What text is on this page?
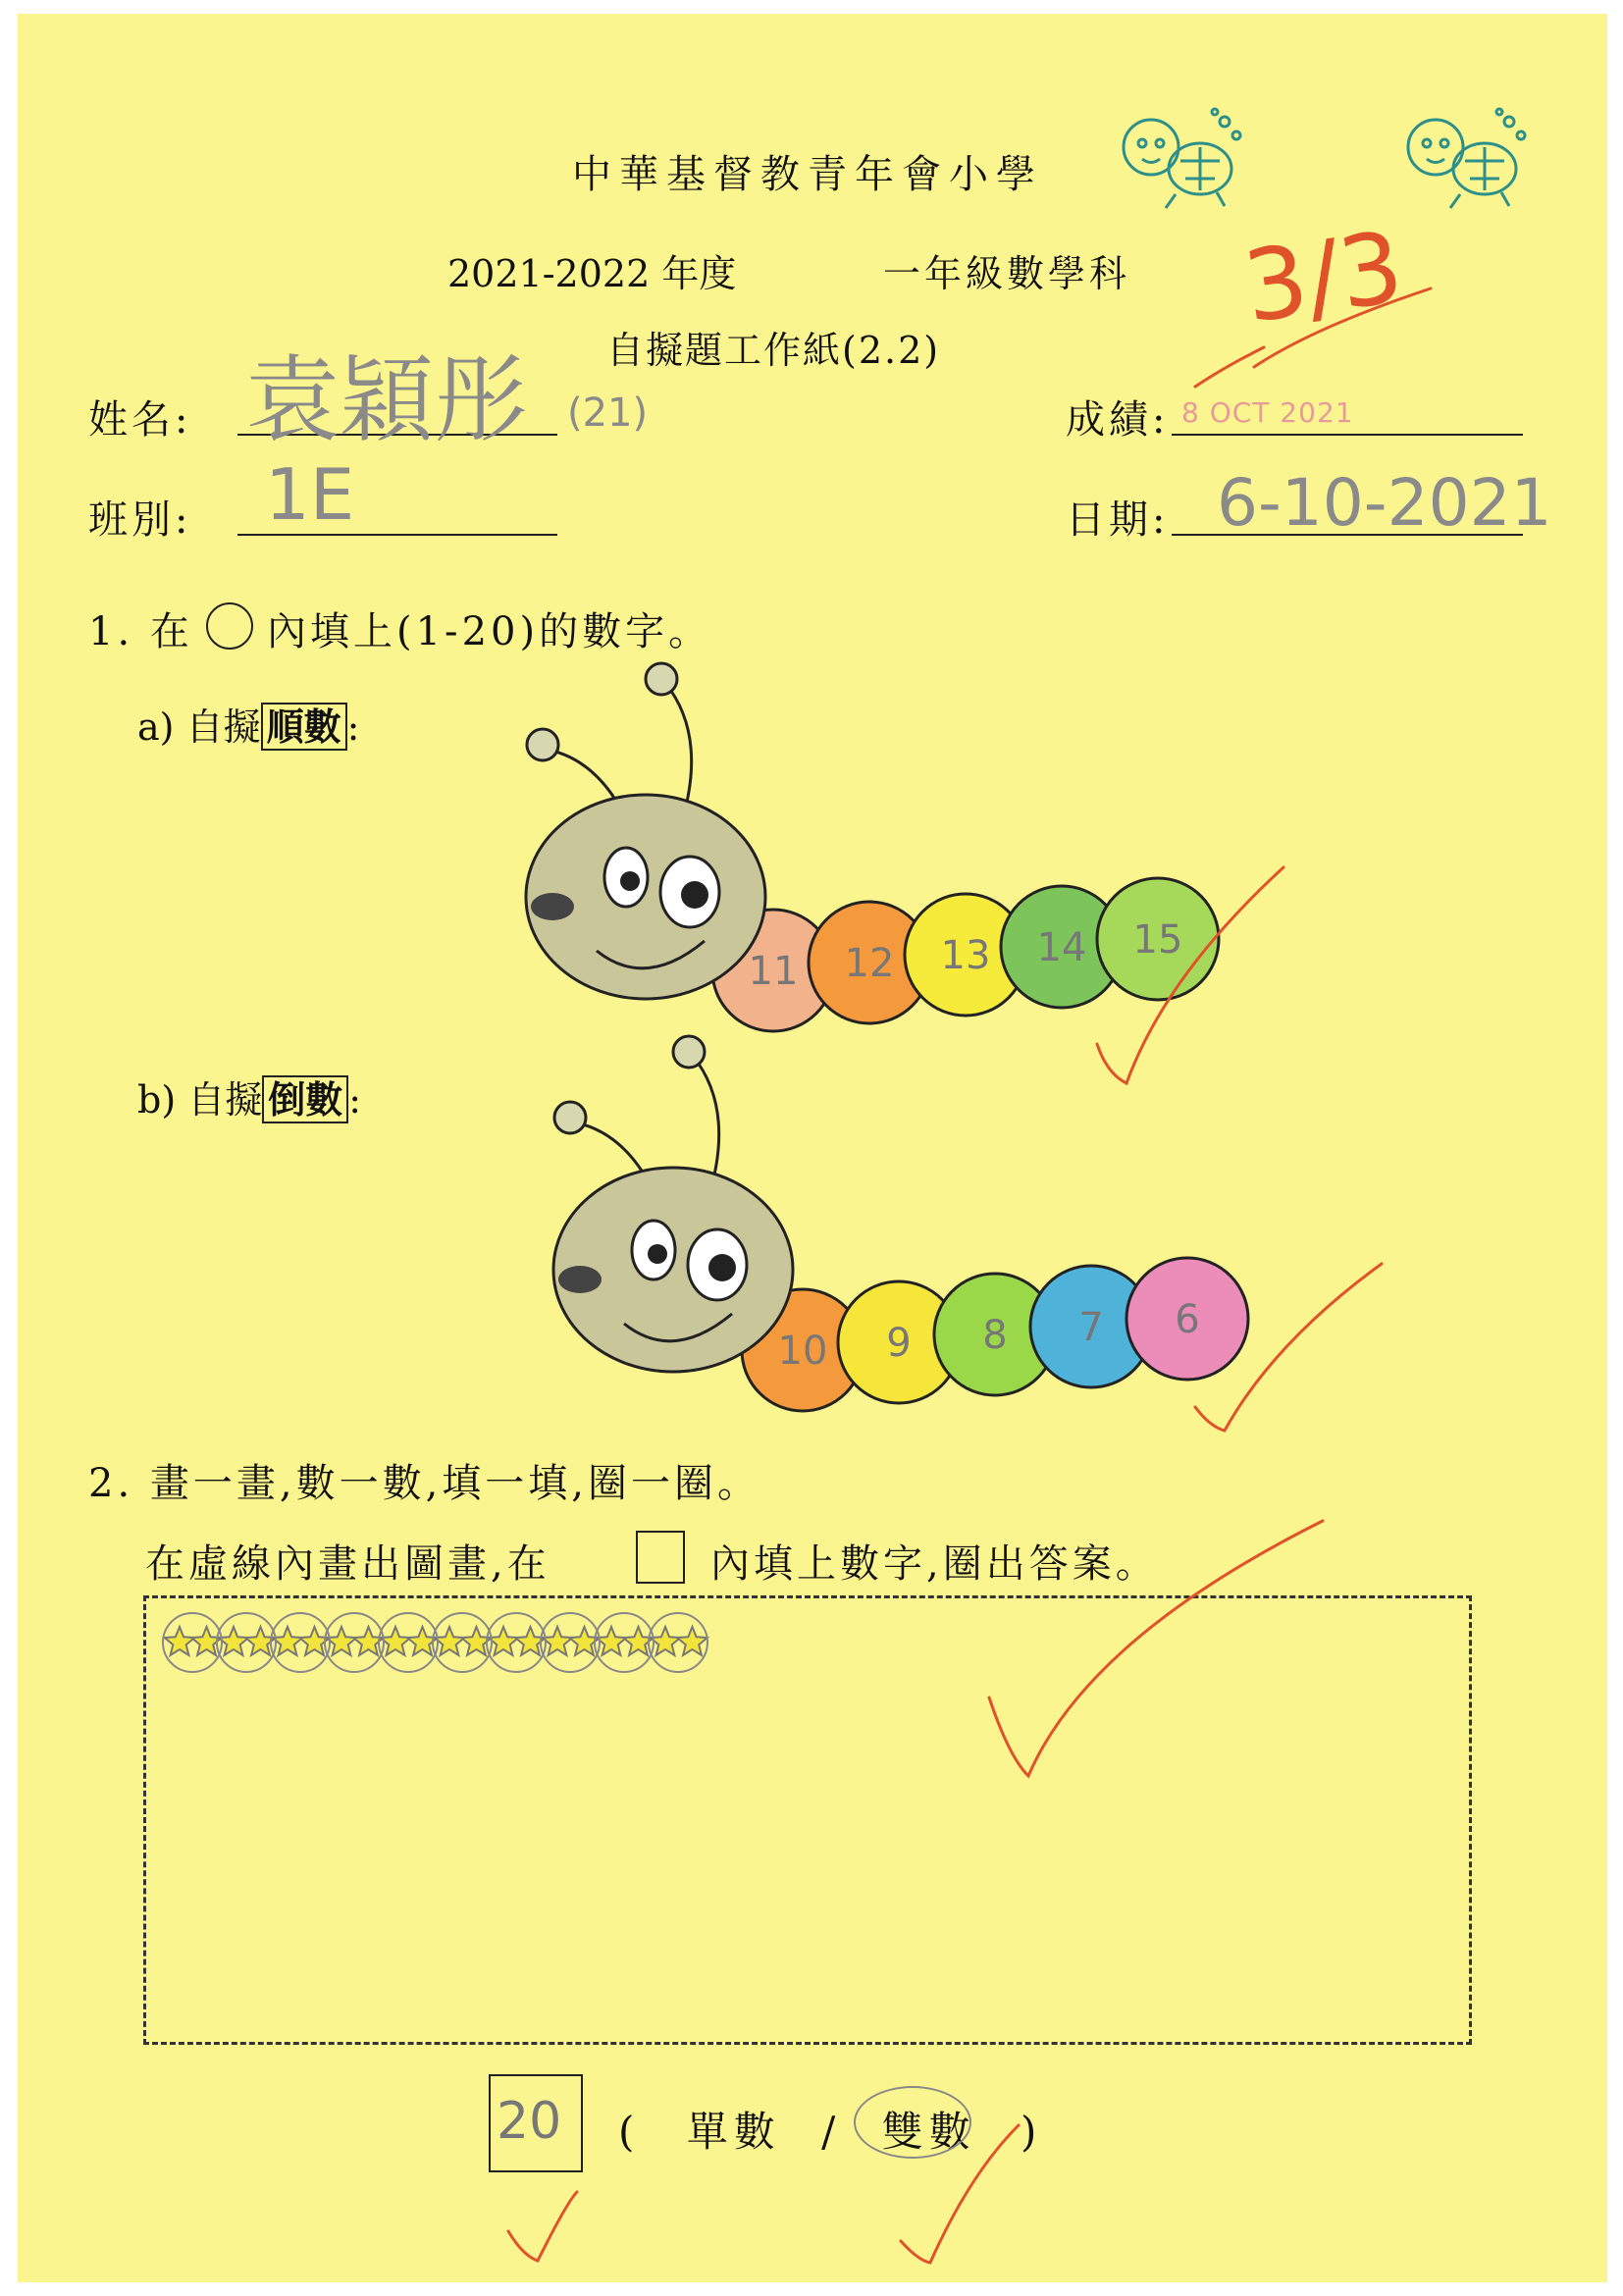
中華基督教青年會小學
2021-2022 年度	一年級數學科
自擬題工作紙(2.2)
3/3
姓名: 袁穎彤 (21)	成績: 8 OCT 2021
班別: 1E	日期: 6-10-2021
1. 在 內填上(1-20)的數字。
a) 自擬 順數 :
b) 自擬 倒數 :
11 12 13 14 15
10 9 8 7 6
2. 畫一畫,數一數,填一填,圈一圈。
在虛線內畫出圖畫,在	內填上數字,圈出答案。
20 ( 單數 / 雙數 )
